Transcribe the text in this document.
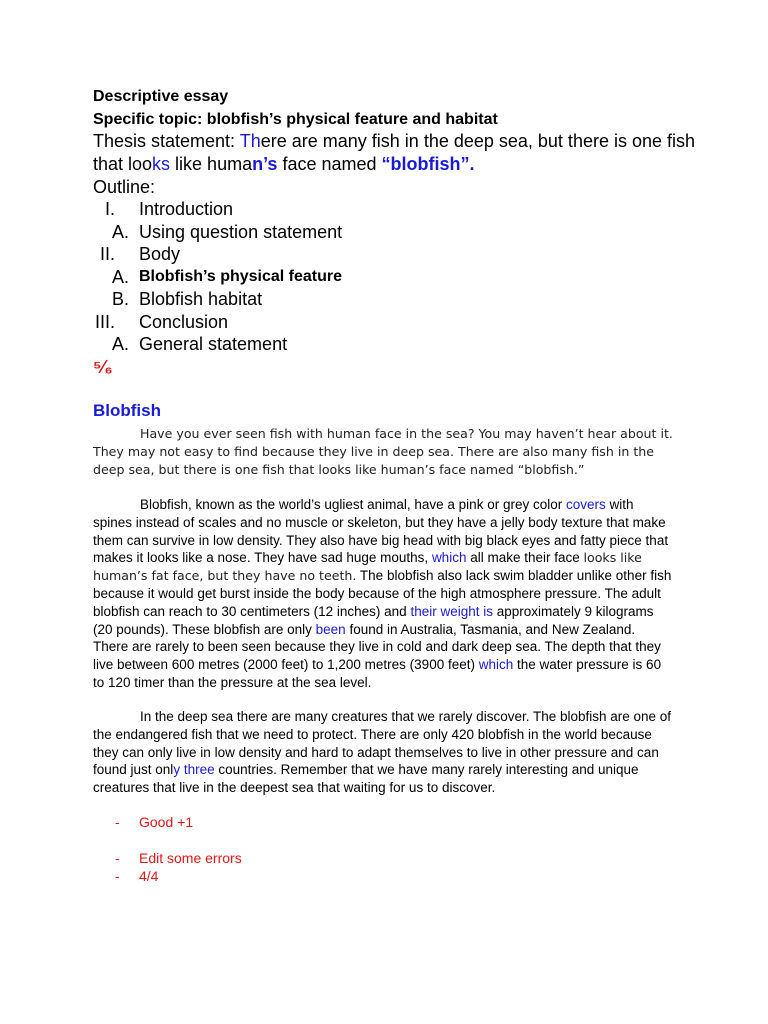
Descriptive essay
Specific topic: blobfish’s physical feature and habitat
Thesis statement: There are many fish in the deep sea, but there is one fish that looks like human’s face named “blobfish”.
Outline:
I. Introduction
A. Using question statement
II. Body
A. Blobfish’s physical feature
B. Blobfish habitat
III. Conclusion
A. General statement
⁵⁄₆
Blobfish
Have you ever seen fish with human face in the sea? You may haven’t hear about it. They may not easy to find because they live in deep sea. There are also many fish in the deep sea, but there is one fish that looks like human’s face named “blobfish.”
Blobfish, known as the world’s ugliest animal, have a pink or grey color covers with spines instead of scales and no muscle or skeleton, but they have a jelly body texture that make them can survive in low density. They also have big head with big black eyes and fatty piece that makes it looks like a nose. They have sad huge mouths, which all make their face looks like human’s fat face, but they have no teeth. The blobfish also lack swim bladder unlike other fish because it would get burst inside the body because of the high atmosphere pressure. The adult blobfish can reach to 30 centimeters (12 inches) and their weight is approximately 9 kilograms (20 pounds). These blobfish are only been found in Australia, Tasmania, and New Zealand. There are rarely to been seen because they live in cold and dark deep sea. The depth that they live between 600 metres (2000 feet) to 1,200 metres (3900 feet) which the water pressure is 60 to 120 timer than the pressure at the sea level.
In the deep sea there are many creatures that we rarely discover. The blobfish are one of the endangered fish that we need to protect. There are only 420 blobfish in the world because they can only live in low density and hard to adapt themselves to live in other pressure and can found just only three countries. Remember that we have many rarely interesting and unique creatures that live in the deepest sea that waiting for us to discover.
- Good +1
- Edit some errors
- 4/4
